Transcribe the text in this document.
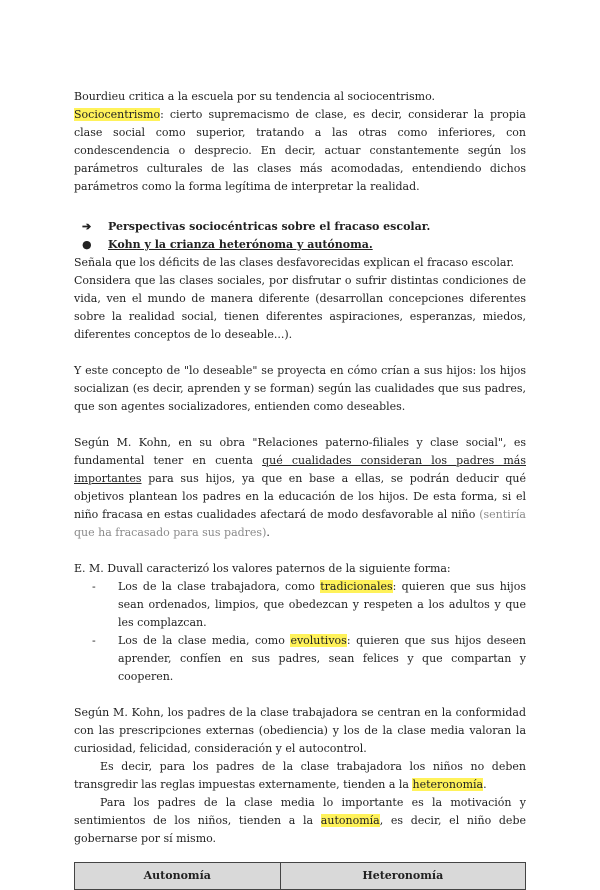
Bourdieu critica a la escuela por su tendencia al sociocentrismo.

Sociocentrismo: cierto supremacismo de clase, es decir, considerar la propia clase social como superior, tratando a las otras como inferiores, con condescendencia o desprecio. En decir, actuar constantemente según los parámetros culturales de las clases más acomodadas, entendiendo dichos parámetros como la forma legítima de interpretar la realidad.

➔	Perspectivas sociocéntricas sobre el fracaso escolar.

●	Kohn y la crianza heterónoma y autónoma.

Señala que los déficits de las clases desfavorecidas explican el fracaso escolar.

Considera que las clases sociales, por disfrutar o sufrir distintas condiciones de vida, ven el mundo de manera diferente (desarrollan concepciones diferentes sobre la realidad social, tienen diferentes aspiraciones, esperanzas, miedos, diferentes conceptos de lo deseable...).

Y este concepto de "lo deseable" se proyecta en cómo crían a sus hijos: los hijos socializan (es decir, aprenden y se forman) según las cualidades que sus padres, que son agentes socializadores, entienden como deseables.

Según M. Kohn, en su obra "Relaciones paterno-filiales y clase social", es fundamental tener en cuenta qué cualidades consideran los padres más importantes para sus hijos, ya que en base a ellas, se podrán deducir qué objetivos plantean los padres en la educación de los hijos. De esta forma, si el niño fracasa en estas cualidades afectará de modo desfavorable al niño (sentiría que ha fracasado para sus padres).

E. M. Duvall caracterizó los valores paternos de la siguiente forma:

-	Los de la clase trabajadora, como tradicionales: quieren que sus hijos sean ordenados, limpios, que obedezcan y respeten a los adultos y que les complazcan.

-	Los de la clase media, como evolutivos: quieren que sus hijos deseen aprender, confíen en sus padres, sean felices y que compartan y cooperen.

Según M. Kohn, los padres de la clase trabajadora se centran en la conformidad con las prescripciones externas (obediencia) y los de la clase media valoran la curiosidad, felicidad, consideración y el autocontrol.

Es decir, para los padres de la clase trabajadora los niños no deben transgredir las reglas impuestas externamente, tienden a la heteronomía.

Para los padres de la clase media lo importante es la motivación y sentimientos de los niños, tienden a la autonomía, es decir, el niño debe gobernarse por sí mismo.

Autonomía	Heteronomía
